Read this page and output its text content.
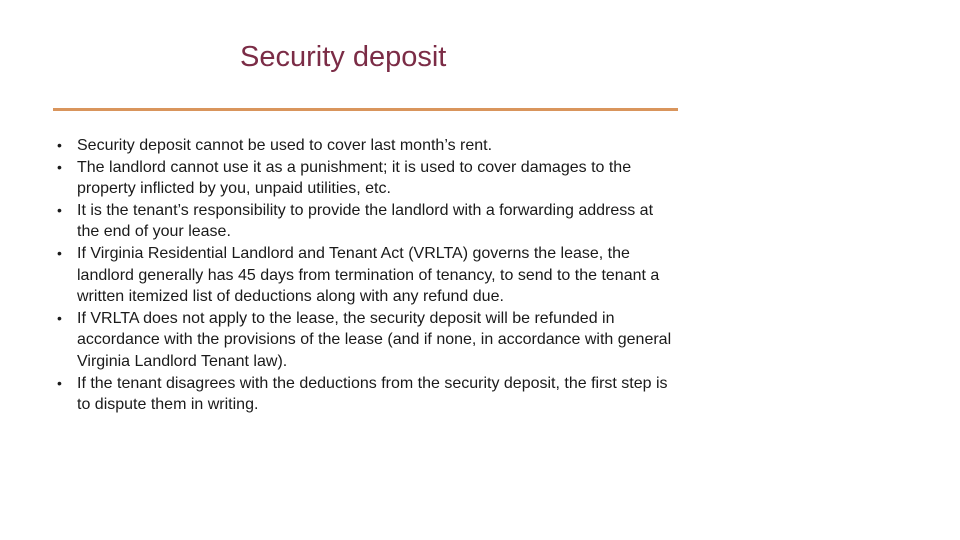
Security deposit
• Security deposit cannot be used to cover last month’s rent.
• The landlord cannot use it as a punishment; it is used to cover damages to the property inflicted by you, unpaid utilities, etc.
• It is the tenant’s responsibility to provide the landlord with a forwarding address at the end of your lease.
• If Virginia Residential Landlord and Tenant Act (VRLTA) governs the lease, the landlord generally has 45 days from termination of tenancy, to send to the tenant a written itemized list of deductions along with any refund due.
• If VRLTA does not apply to the lease, the security deposit will be refunded in accordance with the provisions of the lease (and if none, in accordance with general Virginia Landlord Tenant law).
• If the tenant disagrees with the deductions from the security deposit, the first step is to dispute them in writing.
